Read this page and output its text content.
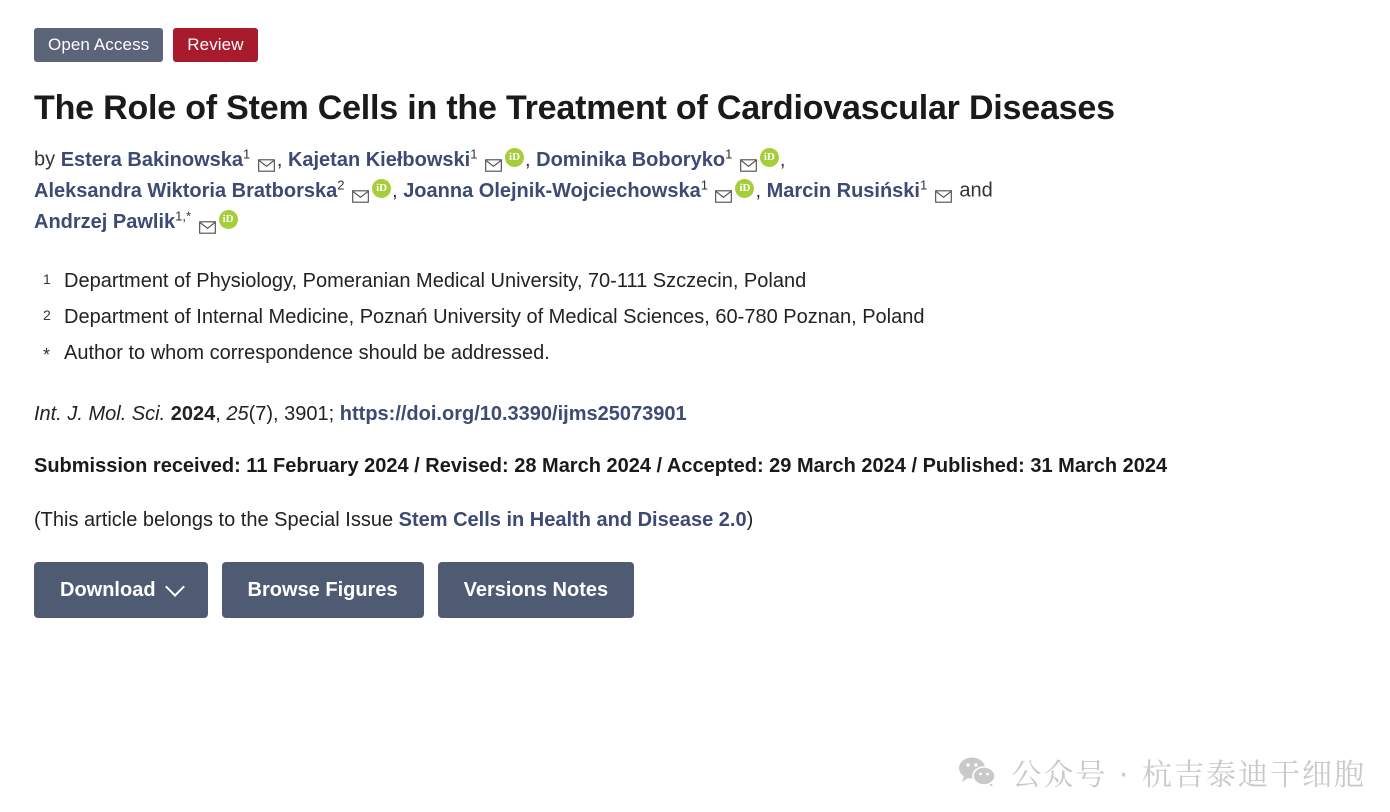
Open Access	Review
The Role of Stem Cells in the Treatment of Cardiovascular Diseases
by Estera Bakinowska$^1$ , Kajetan Kiełbowski$^1$	iD , Dominika Boboryko$^1$	iD ,
Aleksandra Wiktoria Bratborska$^2$	iD , Joanna Olejnik-Wojciechowska$^1$	iD , Marcin Rusiński$^1$ and
Andrzej Pawlik$^{1,*}$	iD
1 Department of Physiology, Pomeranian Medical University, 70-111 Szczecin, Poland
2 Department of Internal Medicine, Poznań University of Medical Sciences, 60-780 Poznan, Poland
* Author to whom correspondence should be addressed.
Int. J. Mol. Sci. 2024, 25(7), 3901; https://doi.org/10.3390/ijms25073901
Submission received: 11 February 2024 / Revised: 28 March 2024 / Accepted: 29 March 2024 / Published: 31 March 2024
(This article belongs to the Special Issue Stem Cells in Health and Disease 2.0)
Download	Browse Figures	Versions Notes
公众号 · 杭吉泰迪干细胞
